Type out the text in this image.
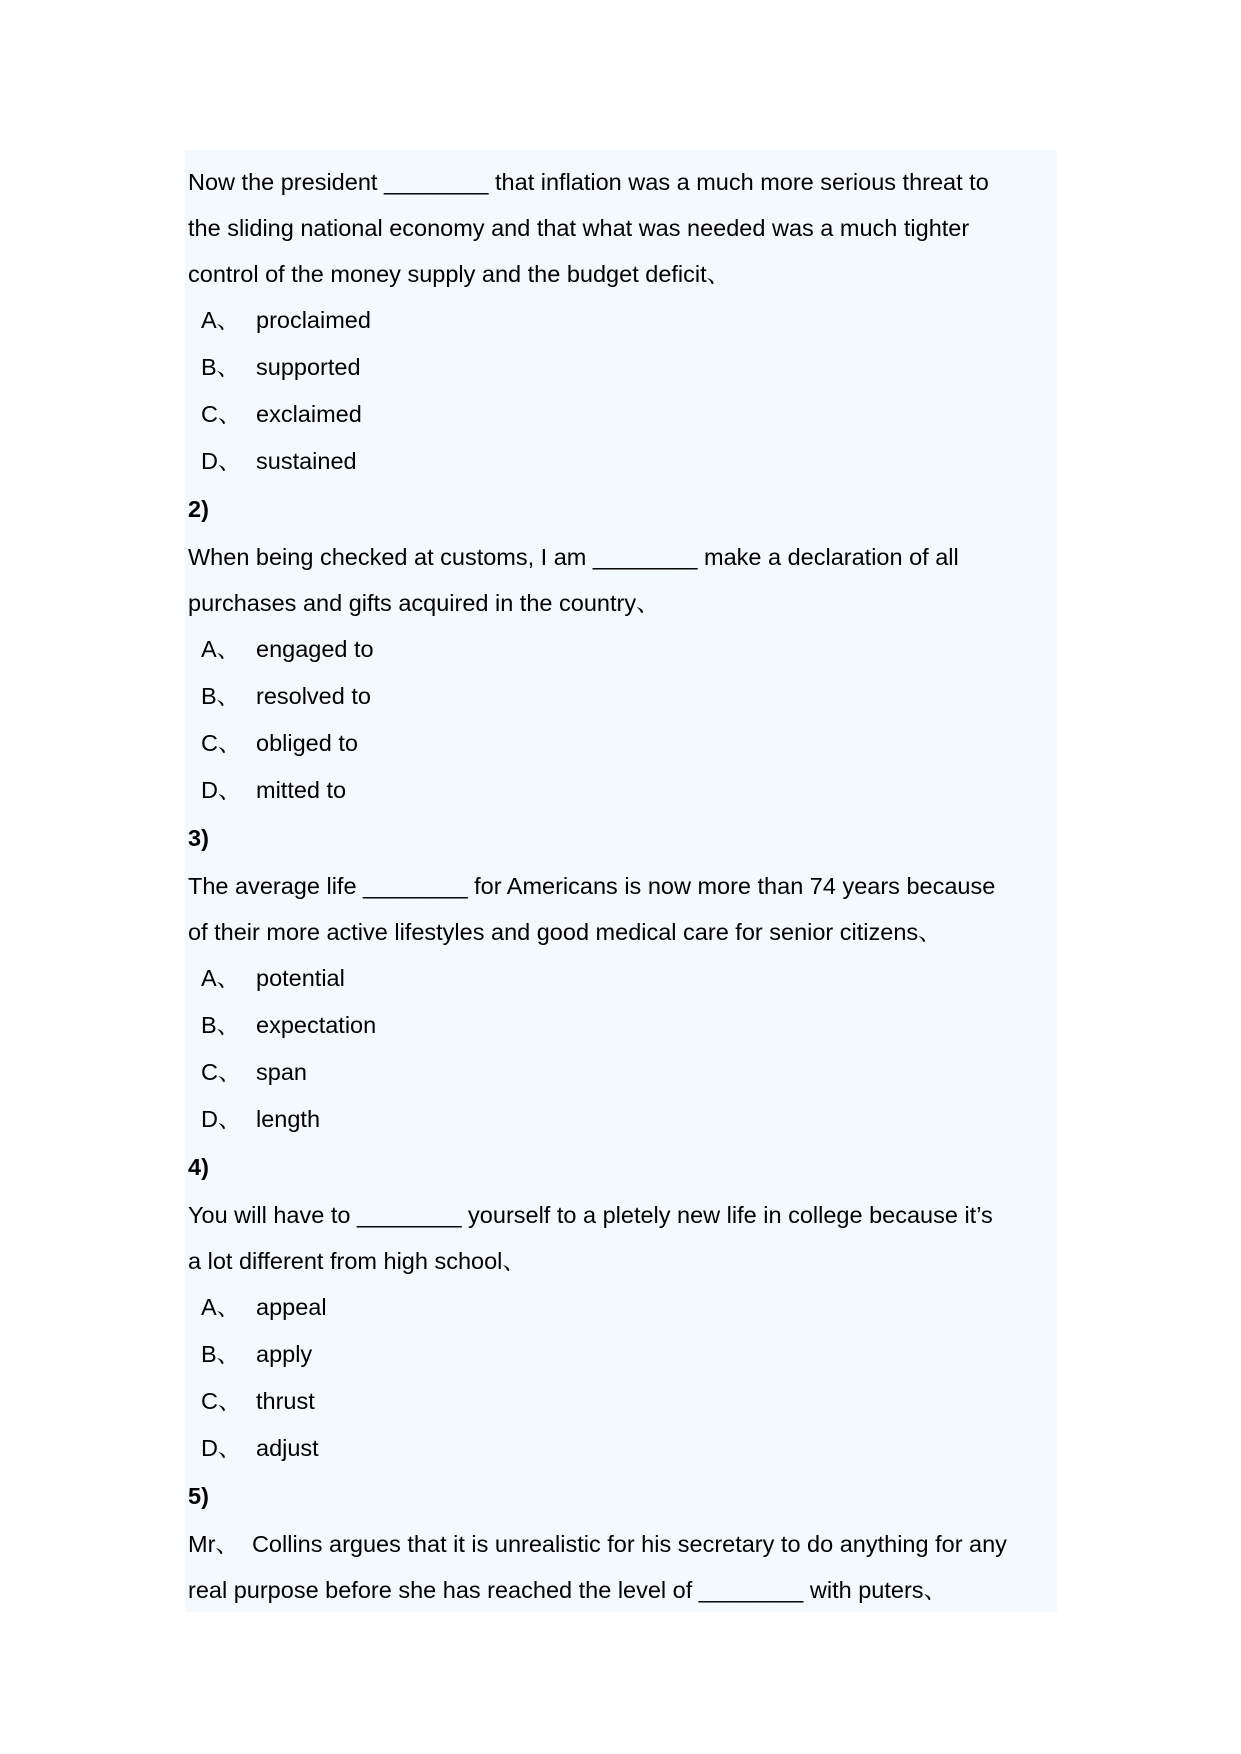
Now the president ________ that inflation was a much more serious threat to
the sliding national economy and that what was needed was a much tighter
control of the money supply and the budget deficit、

A、 proclaimed
B、 supported
C、 exclaimed
D、 sustained
2)

When being checked at customs, I am ________ make a declaration of all
purchases and gifts acquired in the country、

A、 engaged to
B、 resolved to
C、 obliged to
D、 mitted to
3)

The average life ________ for Americans is now more than 74 years because
of their more active lifestyles and good medical care for senior citizens、

A、 potential
B、 expectation
C、 span
D、 length
4)

You will have to ________ yourself to a pletely new life in college because it’s
a lot different from high school、

A、 appeal
B、 apply
C、 thrust
D、 adjust
5)

Mr、  Collins argues that it is unrealistic for his secretary to do anything for any
real purpose before she has reached the level of ________ with puters、
